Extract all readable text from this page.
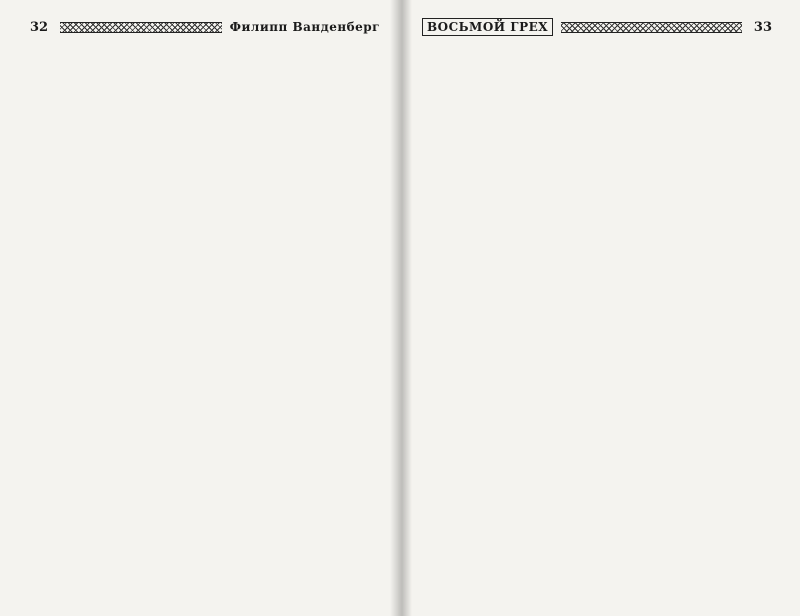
32	Филипп Ванденберг	ВОСЬМОЙ ГРЕХ	33
